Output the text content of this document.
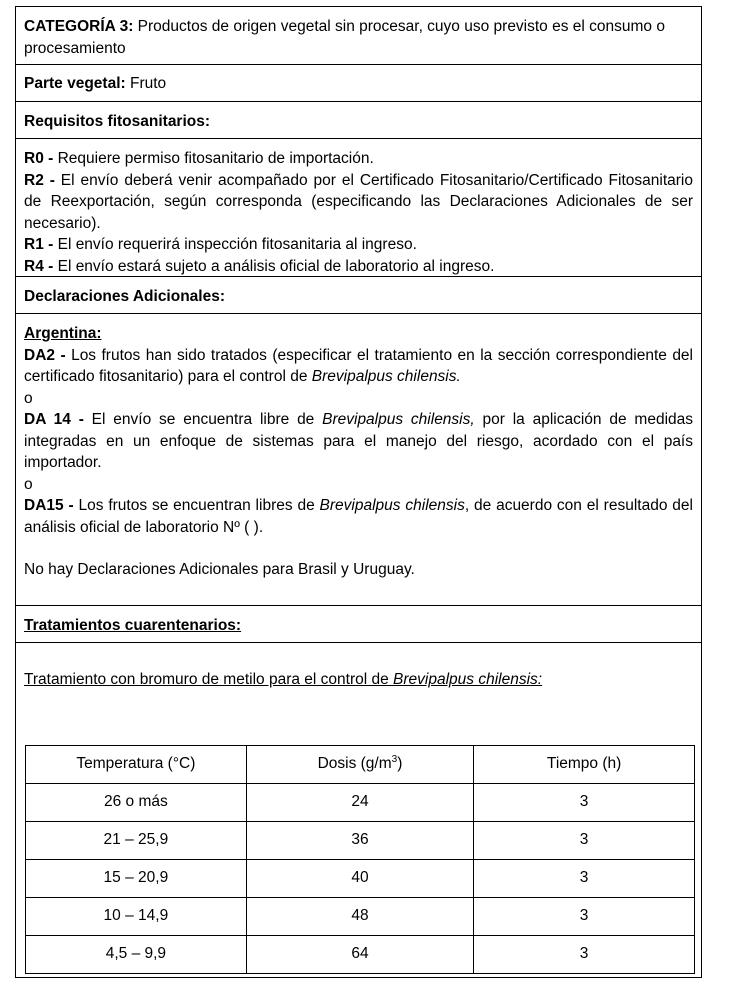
CATEGORÍA 3: Productos de origen vegetal sin procesar, cuyo uso previsto es el consumo o procesamiento

Parte vegetal: Fruto

Requisitos fitosanitarios:

R0 - Requiere permiso fitosanitario de importación.

R2 - El envío deberá venir acompañado por el Certificado Fitosanitario/Certificado Fitosanitario de Reexportación, según corresponda (especificando las Declaraciones Adicionales de ser necesario).

R1 - El envío requerirá inspección fitosanitaria al ingreso.

R4 - El envío estará sujeto a análisis oficial de laboratorio al ingreso.

Declaraciones Adicionales:

Argentina:

DA2 - Los frutos han sido tratados (especificar el tratamiento en la sección correspondiente del certificado fitosanitario) para el control de Brevipalpus chilensis.

o

DA 14 - El envío se encuentra libre de Brevipalpus chilensis, por la aplicación de medidas integradas en un enfoque de sistemas para el manejo del riesgo, acordado con el país importador.

o

DA15 - Los frutos se encuentran libres de Brevipalpus chilensis, de acuerdo con el resultado del análisis oficial de laboratorio Nº ( ).

No hay Declaraciones Adicionales para Brasil y Uruguay.

Tratamientos cuarentenarios:

Tratamiento con bromuro de metilo para el control de Brevipalpus chilensis:

Temperatura (°C)	Dosis $(g/m^3)$	Tiempo (h)
26 o más	24	3
21 – 25,9	36	3
15 – 20,9	40	3
10 – 14,9	48	3
4,5 – 9,9	64	3
